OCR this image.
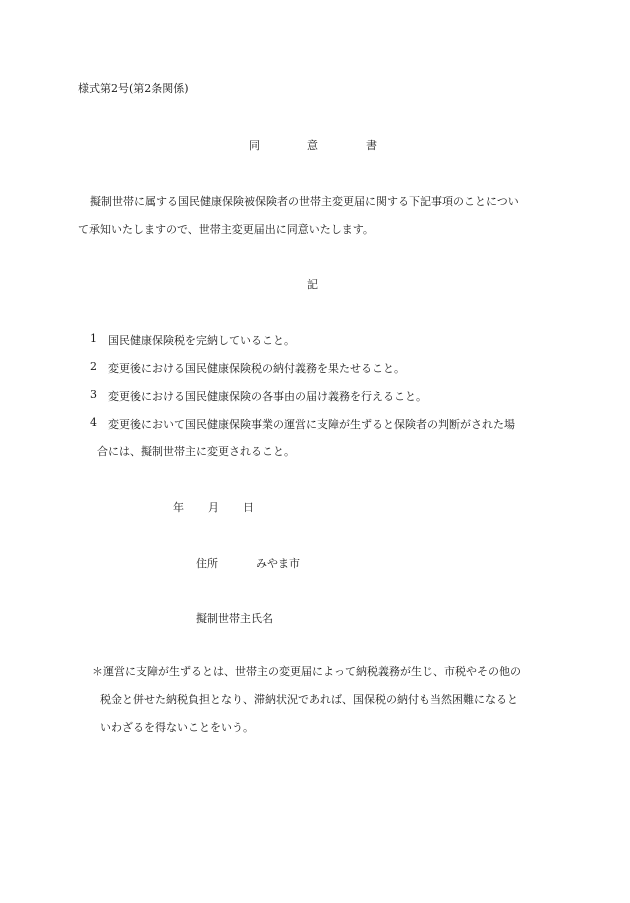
様式第2号(第2条関係)
同	意	書
擬制世帯に属する国民健康保険被保険者の世帯主変更届に関する下記事項のことについ
て承知いたしますので、世帯主変更届出に同意いたします。
記
1 国民健康保険税を完納していること。
2 変更後における国民健康保険税の納付義務を果たせること。
3 変更後における国民健康保険の各事由の届け義務を行えること。
4 変更後において国民健康保険事業の運営に支障が生ずると保険者の判断がされた場
合には、擬制世帯主に変更されること。
年 月 日
住所	みやま市
擬制世帯主氏名
＊運営に支障が生ずるとは、世帯主の変更届によって納税義務が生じ、市税やその他の
税金と併せた納税負担となり、滞納状況であれば、国保税の納付も当然困難になると
いわざるを得ないことをいう。
